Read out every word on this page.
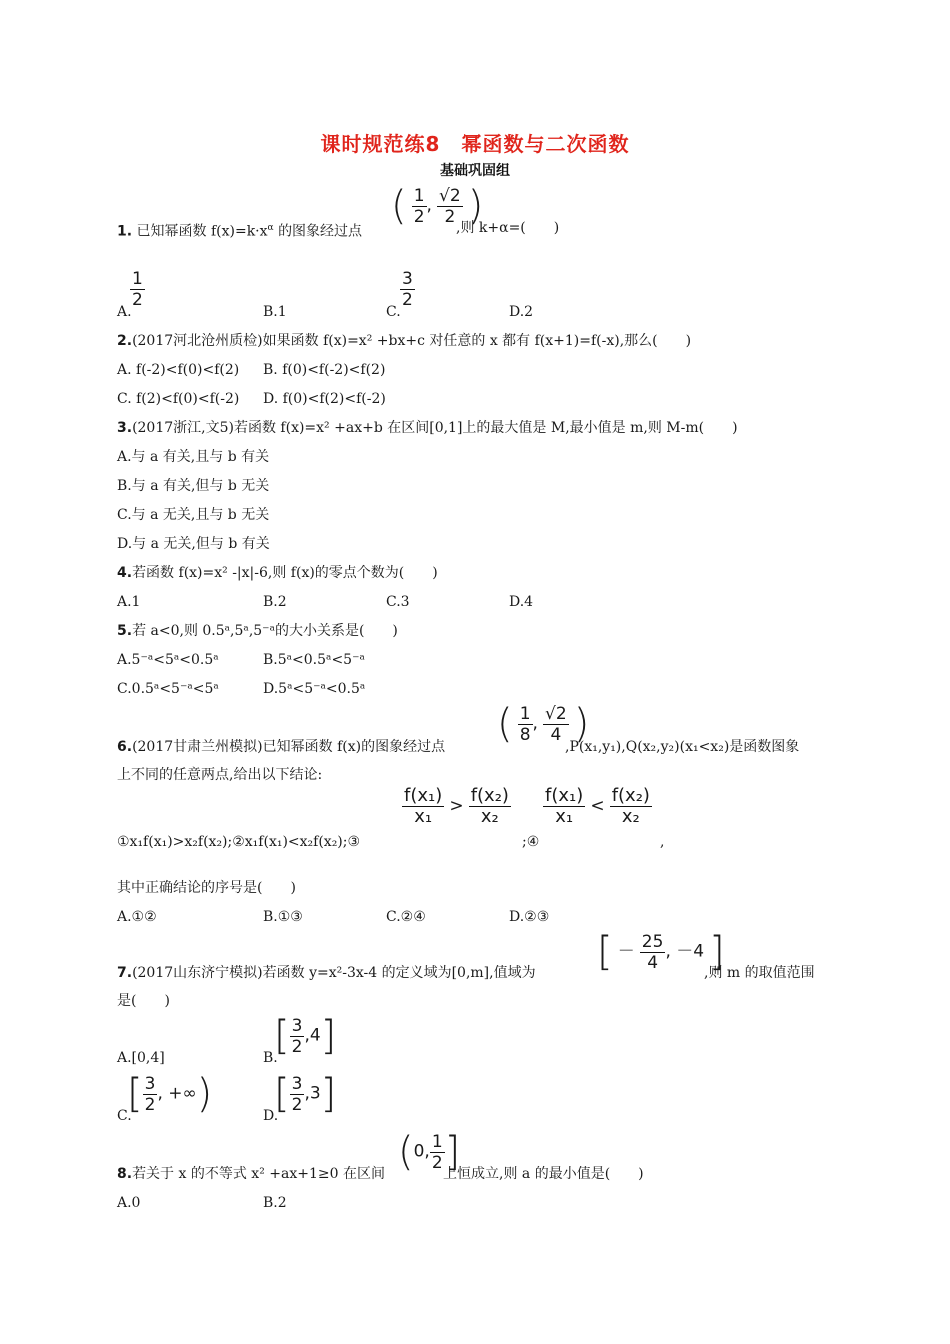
课时规范练8　幂函数与二次函数
基础巩固组
1. 已知幂函数 $f(x)=k\cdot x^\alpha$ 的图象经过点
( $\frac{1}{2}$ , $\frac{√2}{2}$ )
,则 k+α=(　　)
A.
$\frac{1}{2}$
B.1	C.
$\frac{3}{2}$
D.2
2.(2017河北沧州质检)如果函数 f(x)=x² +bx+c 对任意的 x 都有 f(x+1)=f(-x),那么(　　)
A. f(-2)<f(0)<f(2) B. f(0)<f(-2)<f(2)
C. f(2)<f(0)<f(-2) D. f(0)<f(2)<f(-2)
3.(2017浙江,文5)若函数 f(x)=x² +ax+b 在区间[0,1]上的最大值是 M,最小值是 m,则 M-m(　　)
A.与 a 有关,且与 b 有关
B.与 a 有关,但与 b 无关
C.与 a 无关,且与 b 无关
D.与 a 无关,但与 b 有关
4.若函数 f(x)=x² -|x|-6,则 f(x)的零点个数为(　　)
A.1	B.2	C.3	D.4
5.若 a<0,则 0.5ᵃ,5ᵃ,5⁻ᵃ的大小关系是(　　)
A.5⁻ᵃ<5ᵃ<0.5ᵃ	B.5ᵃ<0.5ᵃ<5⁻ᵃ
C.0.5ᵃ<5⁻ᵃ<5ᵃ	D.5ᵃ<5⁻ᵃ<0.5ᵃ
6.(2017甘肃兰州模拟)已知幂函数 f(x)的图象经过点 ( $\frac{1}{8}$ , $\frac{√2}{4}$ )
,P(x₁,y₁),Q(x₂,y₂)(x₁<x₂)是函数图象
上不同的任意两点,给出以下结论:
①x₁f(x₁)>x₂f(x₂);②x₁f(x₁)<x₂f(x₂);③
$\frac{\text{f(x₁)}}{\text{x₁}} > \frac{\text{f(x₂)}}{\text{x₂}}$
;④
$\frac{\text{f(x₁)}}{\text{x₁}} < \frac{\text{f(x₂)}}{\text{x₂}}$
,
其中正确结论的序号是(　　)
A.①②	B.①③	C.②④	D.②③
7.(2017山东济宁模拟)若函数 y=x²-3x-4 的定义域为[0,m],值域为 [ － $\frac{25}{4}$ , －4 ]
,则 m 的取值范围
是(　　)
A.[0,4]	B.
[ $\frac{3}{2} ,4$]
C.
[ $\frac{3}{2}$ , +∞)	D.
[ $\frac{3}{2} ,3$]
8.若关于 x 的不等式 x² +ax+1≥0 在区间 (0, $\frac{1}{2}$ ]
上恒成立,则 a 的最小值是(　　)
A.0	B.2
